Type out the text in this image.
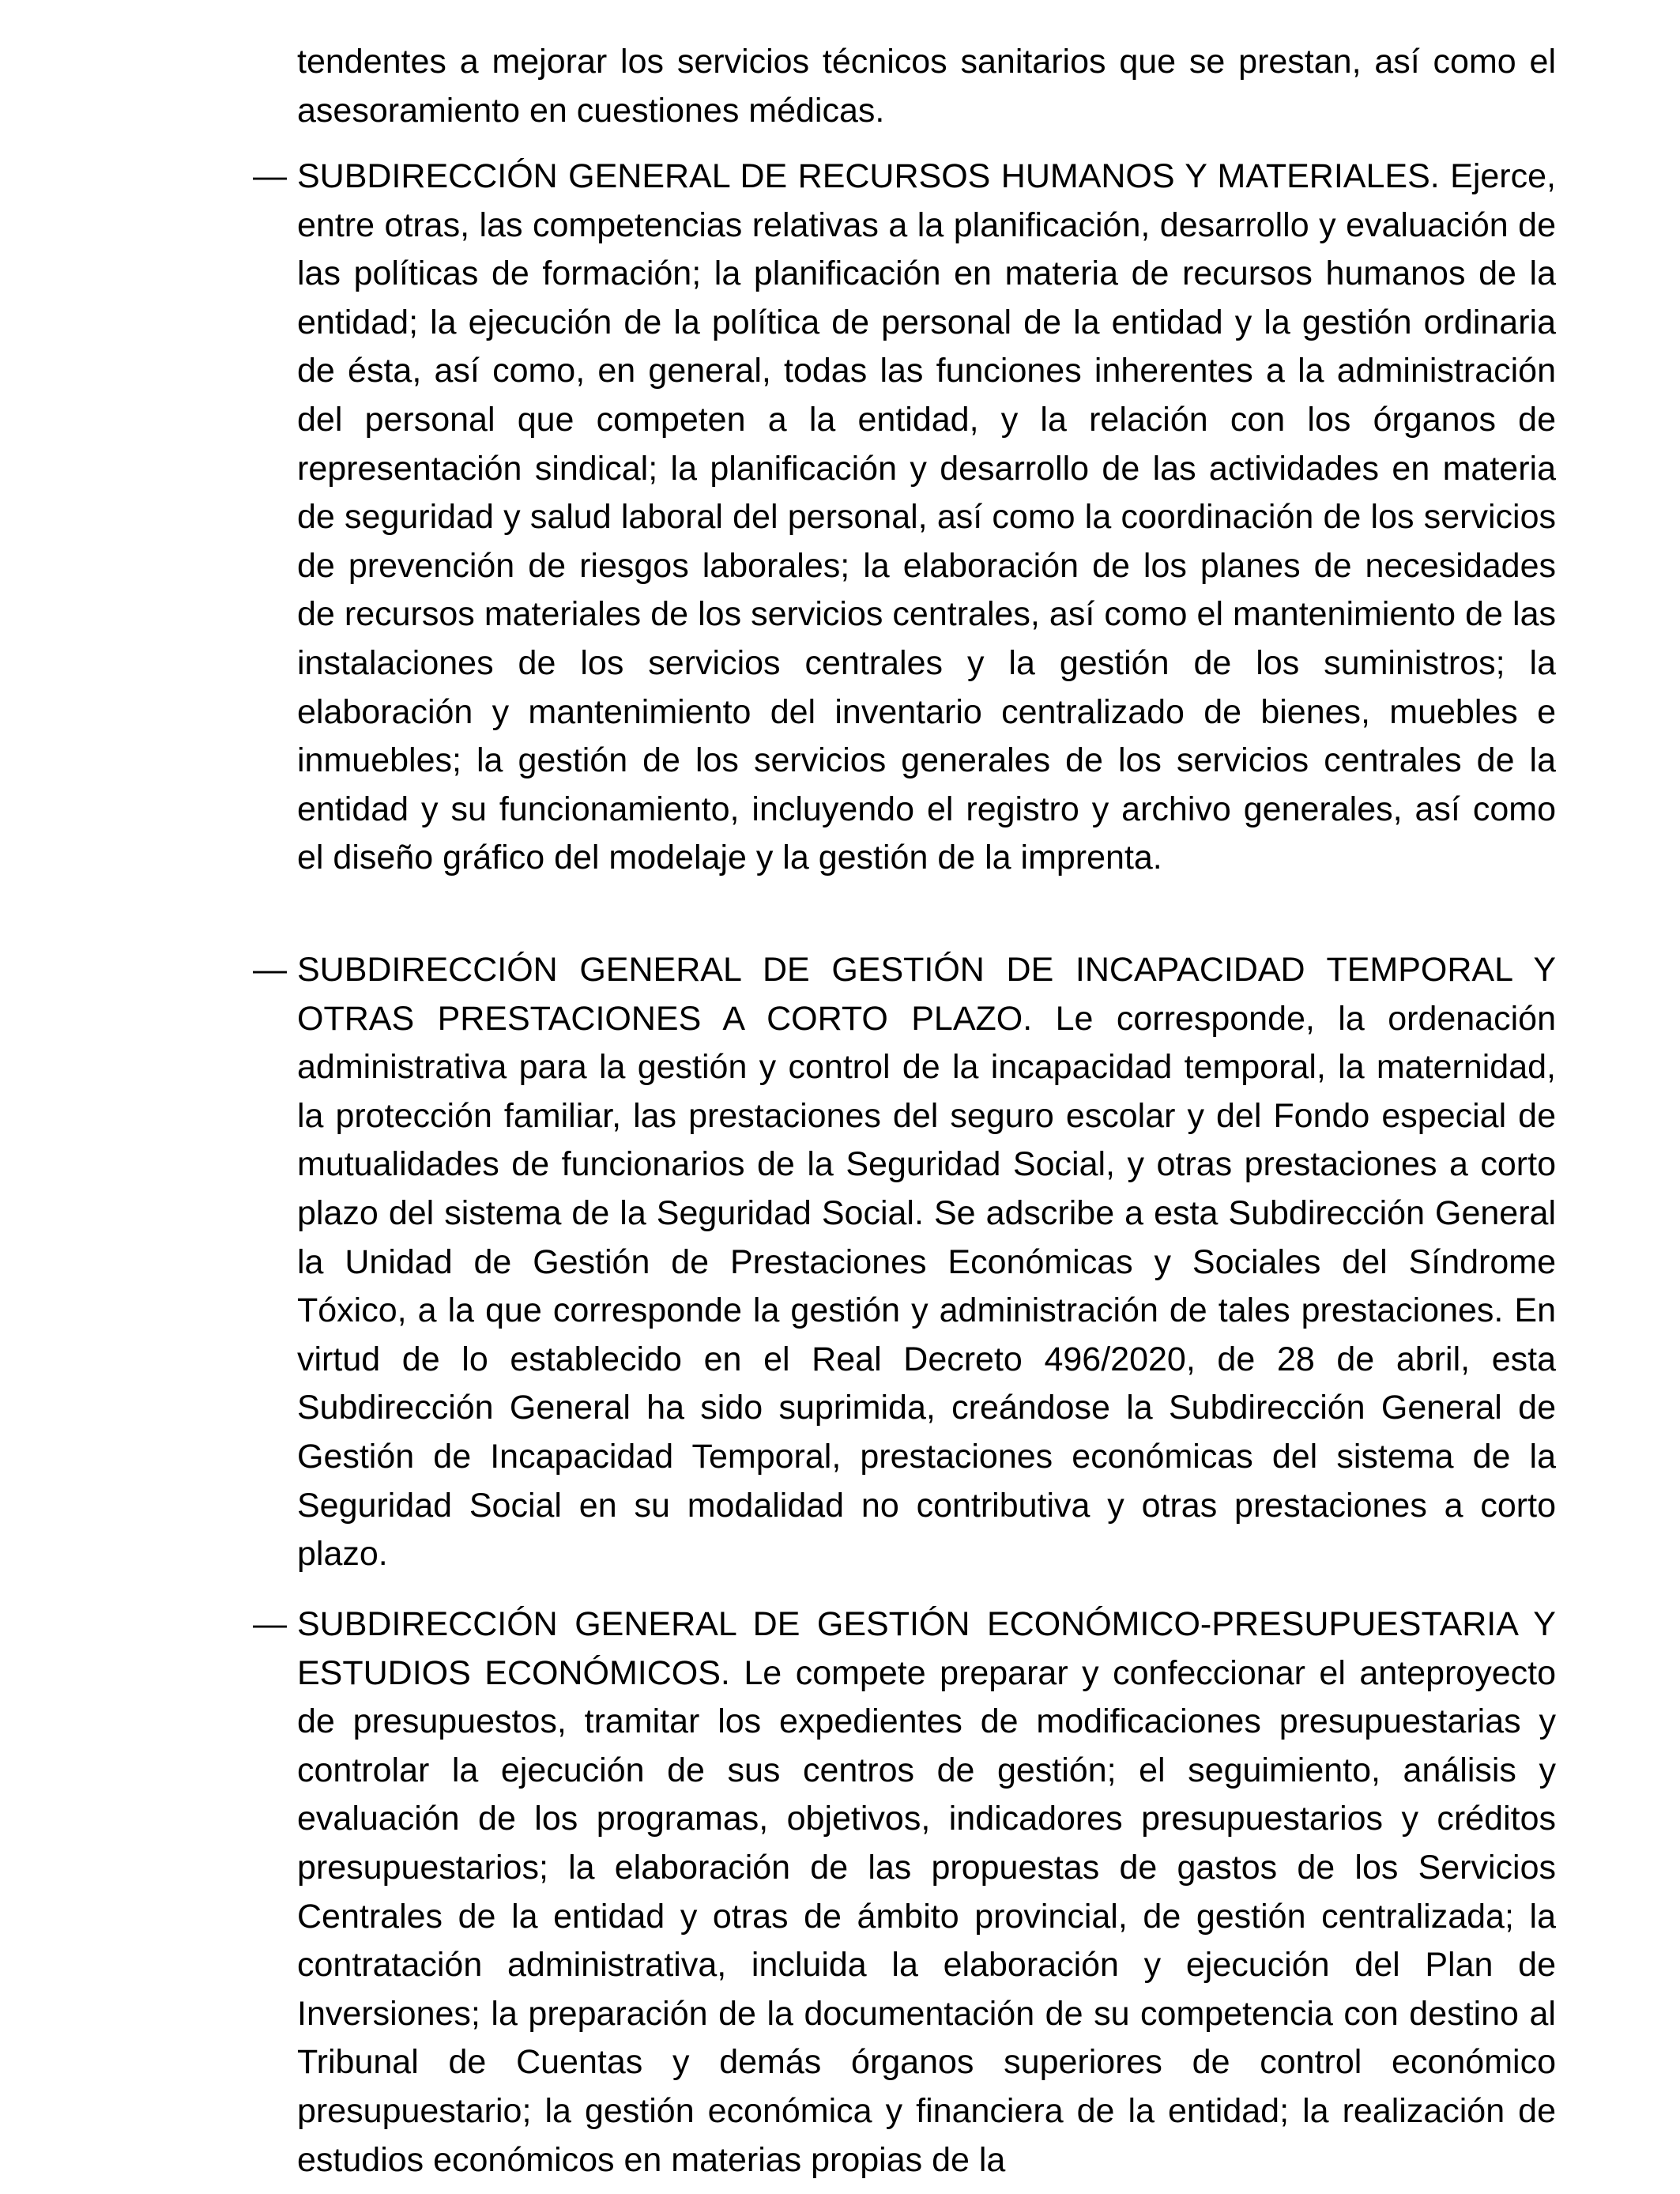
tendentes a mejorar los servicios técnicos sanitarios que se prestan, así como el asesoramiento en cuestiones médicas.

— SUBDIRECCIÓN GENERAL DE RECURSOS HUMANOS Y MATERIALES. Ejerce, entre otras, las competencias relativas a la planificación, desarrollo y evaluación de las políticas de formación; la planificación en materia de recursos humanos de la entidad; la ejecución de la política de personal de la entidad y la gestión ordinaria de ésta, así como, en general, todas las funciones inherentes a la administración del personal que competen a la entidad, y la relación con los órganos de representación sindical; la planificación y desarrollo de las actividades en materia de seguridad y salud laboral del personal, así como la coordinación de los servicios de prevención de riesgos laborales; la elaboración de los planes de necesidades de recursos materiales de los servicios centrales, así como el mantenimiento de las instalaciones de los servicios centrales y la gestión de los suministros; la elaboración y mantenimiento del inventario centralizado de bienes, muebles e inmuebles; la gestión de los servicios generales de los servicios centrales de la entidad y su funcionamiento, incluyendo el registro y archivo generales, así como el diseño gráfico del modelaje y la gestión de la imprenta.
— SUBDIRECCIÓN GENERAL DE GESTIÓN DE INCAPACIDAD TEMPORAL Y OTRAS PRESTACIONES A CORTO PLAZO. Le corresponde, la ordenación administrativa para la gestión y control de la incapacidad temporal, la maternidad, la protección familiar, las prestaciones del seguro escolar y del Fondo especial de mutualidades de funcionarios de la Seguridad Social, y otras prestaciones a corto plazo del sistema de la Seguridad Social. Se adscribe a esta Subdirección General la Unidad de Gestión de Prestaciones Económicas y Sociales del Síndrome Tóxico, a la que corresponde la gestión y administración de tales prestaciones. En virtud de lo establecido en el Real Decreto 496/2020, de 28 de abril, esta Subdirección General ha sido suprimida, creándose la Subdirección General de Gestión de Incapacidad Temporal, prestaciones económicas del sistema de la Seguridad Social en su modalidad no contributiva y otras prestaciones a corto plazo.
— SUBDIRECCIÓN GENERAL DE GESTIÓN ECONÓMICO-PRESUPUESTARIA Y ESTUDIOS ECONÓMICOS. Le compete preparar y confeccionar el anteproyecto de presupuestos, tramitar los expedientes de modificaciones presupuestarias y controlar la ejecución de sus centros de gestión; el seguimiento, análisis y evaluación de los programas, objetivos, indicadores presupuestarios y créditos presupuestarios; la elaboración de las propuestas de gastos de los Servicios Centrales de la entidad y otras de ámbito provincial, de gestión centralizada; la contratación administrativa, incluida la elaboración y ejecución del Plan de Inversiones; la preparación de la documentación de su competencia con destino al Tribunal de Cuentas y demás órganos superiores de control económico presupuestario; la gestión económica y financiera de la entidad; la realización de estudios económicos en materias propias de la
